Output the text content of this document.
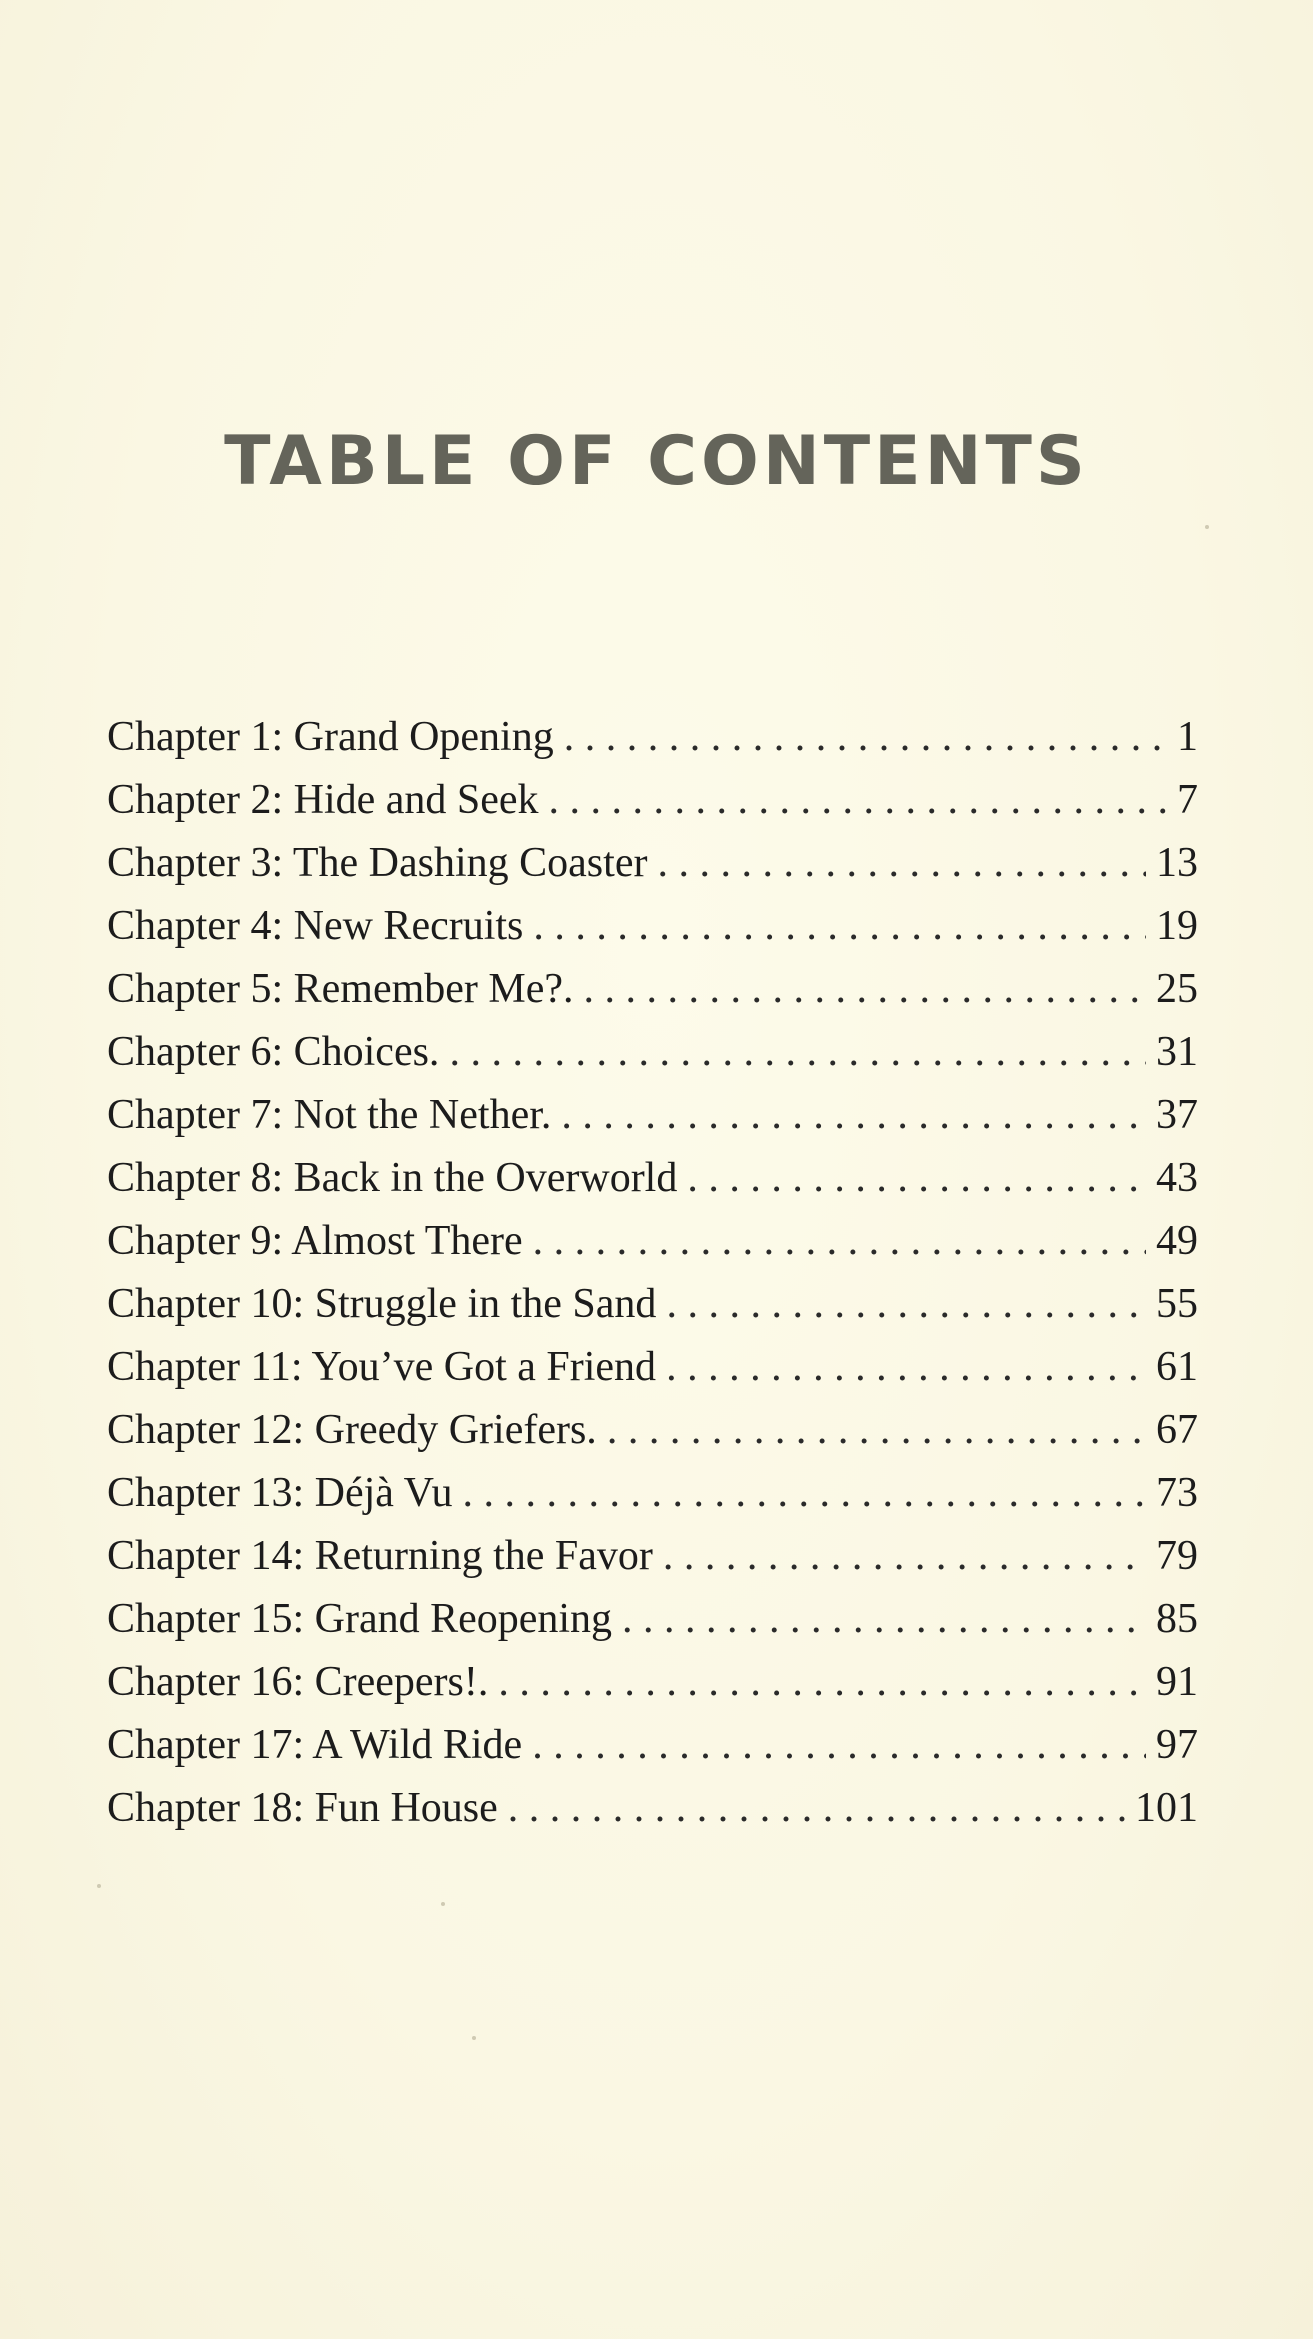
TABLE OF CONTENTS
Chapter 1: Grand Opening . . .	1
Chapter 2: Hide and Seek . . .	7
Chapter 3: The Dashing Coaster . . .	13
Chapter 4: New Recruits . . .	19
Chapter 5: Remember Me?. . . .	25
Chapter 6: Choices. . . .	31
Chapter 7: Not the Nether. . . .	37
Chapter 8: Back in the Overworld . . .	43
Chapter 9: Almost There . . .	49
Chapter 10: Struggle in the Sand . . .	55
Chapter 11: You’ve Got a Friend . . .	61
Chapter 12: Greedy Griefers. . . .	67
Chapter 13: Déjà Vu . . .	73
Chapter 14: Returning the Favor . . .	79
Chapter 15: Grand Reopening . . .	85
Chapter 16: Creepers!. . . .	91
Chapter 17: A Wild Ride . . .	97
Chapter 18: Fun House . . .	101
